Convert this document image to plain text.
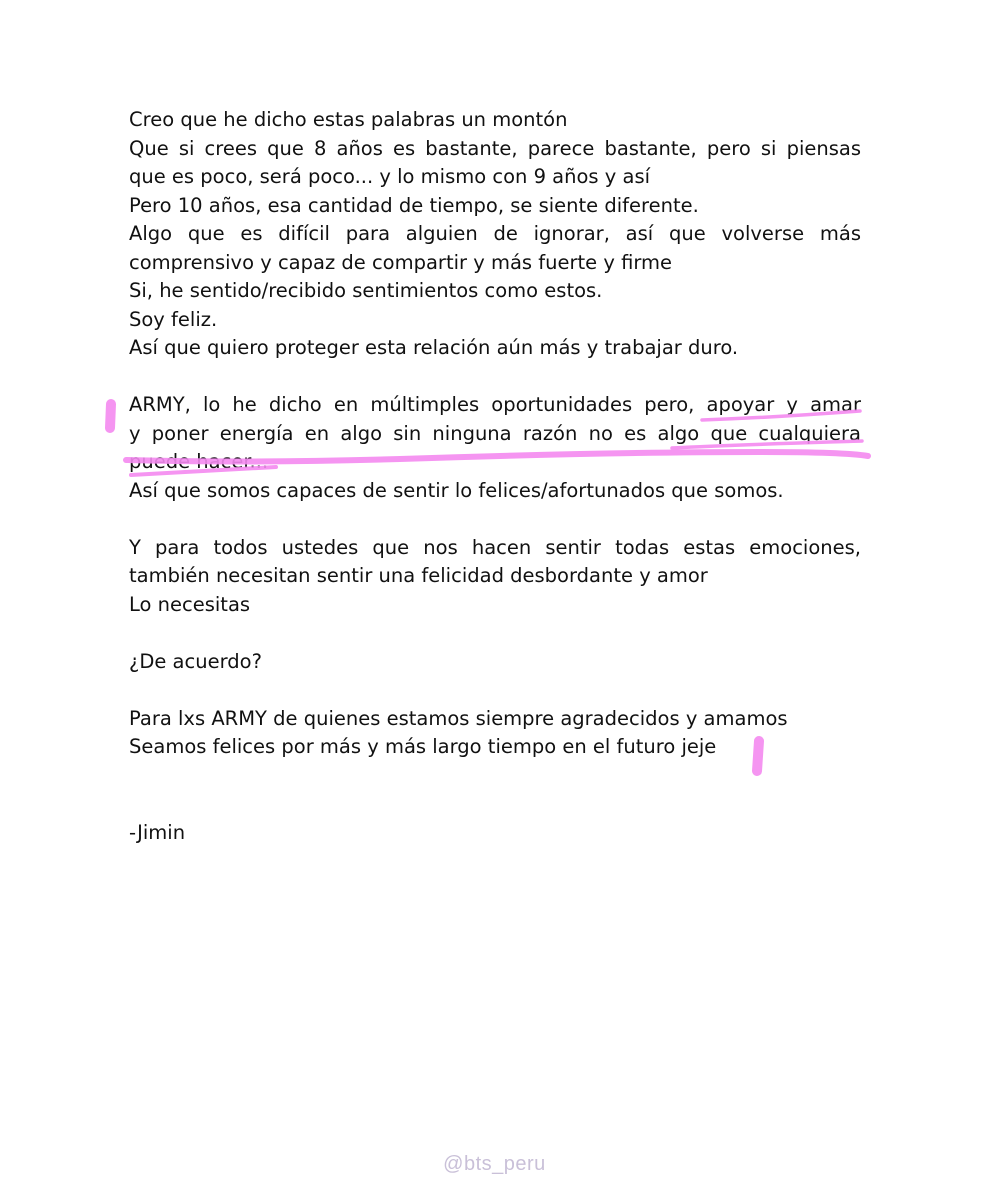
Creo que he dicho estas palabras un montón
Que si crees que 8 años es bastante, parece bastante, pero si piensas
que es poco, será poco... y lo mismo con 9 años y así
Pero 10 años, esa cantidad de tiempo, se siente diferente.
Algo que es difícil para alguien de ignorar, así que volverse más
comprensivo y capaz de compartir y más fuerte y firme
Si, he sentido/recibido sentimientos como estos.
Soy feliz.
Así que quiero proteger esta relación aún más y trabajar duro.
ARMY, lo he dicho en múltimples oportunidades pero, apoyar y amar
y poner energía en algo sin ninguna razón no es algo que cualquiera
puede hacer...
Así que somos capaces de sentir lo felices/afortunados que somos.
Y para todos ustedes que nos hacen sentir todas estas emociones,
también necesitan sentir una felicidad desbordante y amor
Lo necesitas
¿De acuerdo?
Para lxs ARMY de quienes estamos siempre agradecidos y amamos
Seamos felices por más y más largo tiempo en el futuro jeje
-Jimin
@bts_peru
